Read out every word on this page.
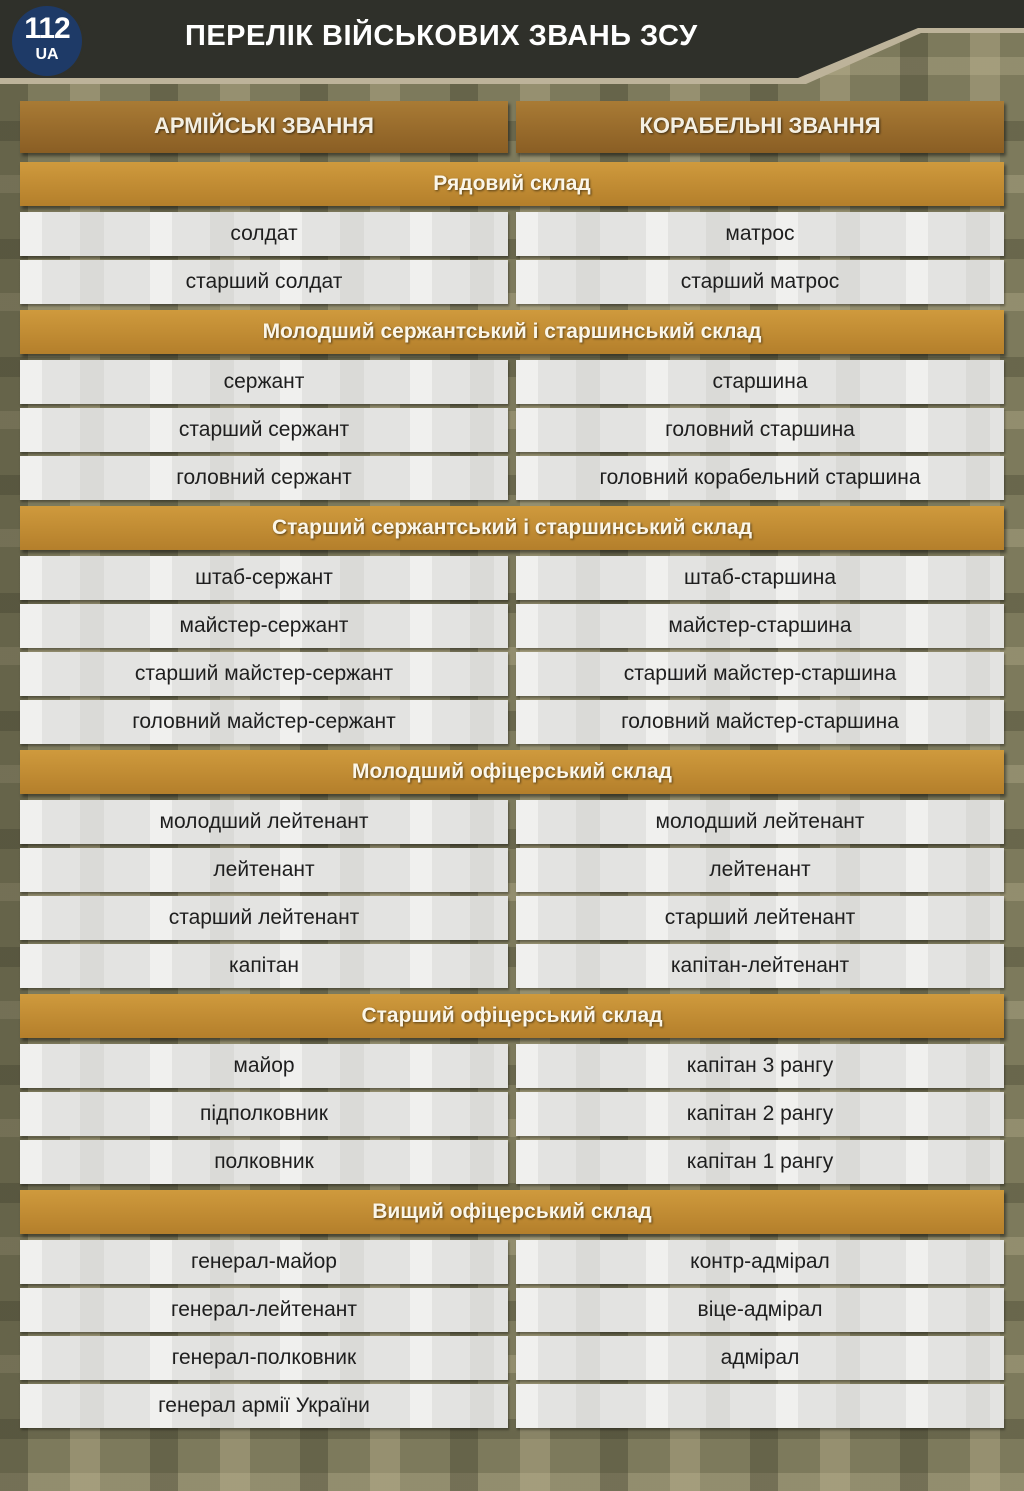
112
UA
ПЕРЕЛІК ВІЙСЬКОВИХ ЗВАНЬ ЗСУ
АРМІЙСЬКІ ЗВАННЯ	КОРАБЕЛЬНІ ЗВАННЯ
Рядовий склад
солдат	матрос
старший солдат	старший матрос
Молодший сержантський і старшинський склад
сержант	старшина
старший сержант	головний старшина
головний сержант	головний корабельний старшина
Старший сержантський і старшинський склад
штаб-сержант	штаб-старшина
майстер-сержант	майстер-старшина
старший майстер-сержант	старший майстер-старшина
головний майстер-сержант	головний майстер-старшина
Молодший офіцерський склад
молодший лейтенант	молодший лейтенант
лейтенант	лейтенант
старший лейтенант	старший лейтенант
капітан	капітан-лейтенант
Старший офіцерський склад
майор	капітан 3 рангу
підполковник	капітан 2 рангу
полковник	капітан 1 рангу
Вищий офіцерський склад
генерал-майор	контр-адмірал
генерал-лейтенант	віце-адмірал
генерал-полковник	адмірал
генерал армії України
